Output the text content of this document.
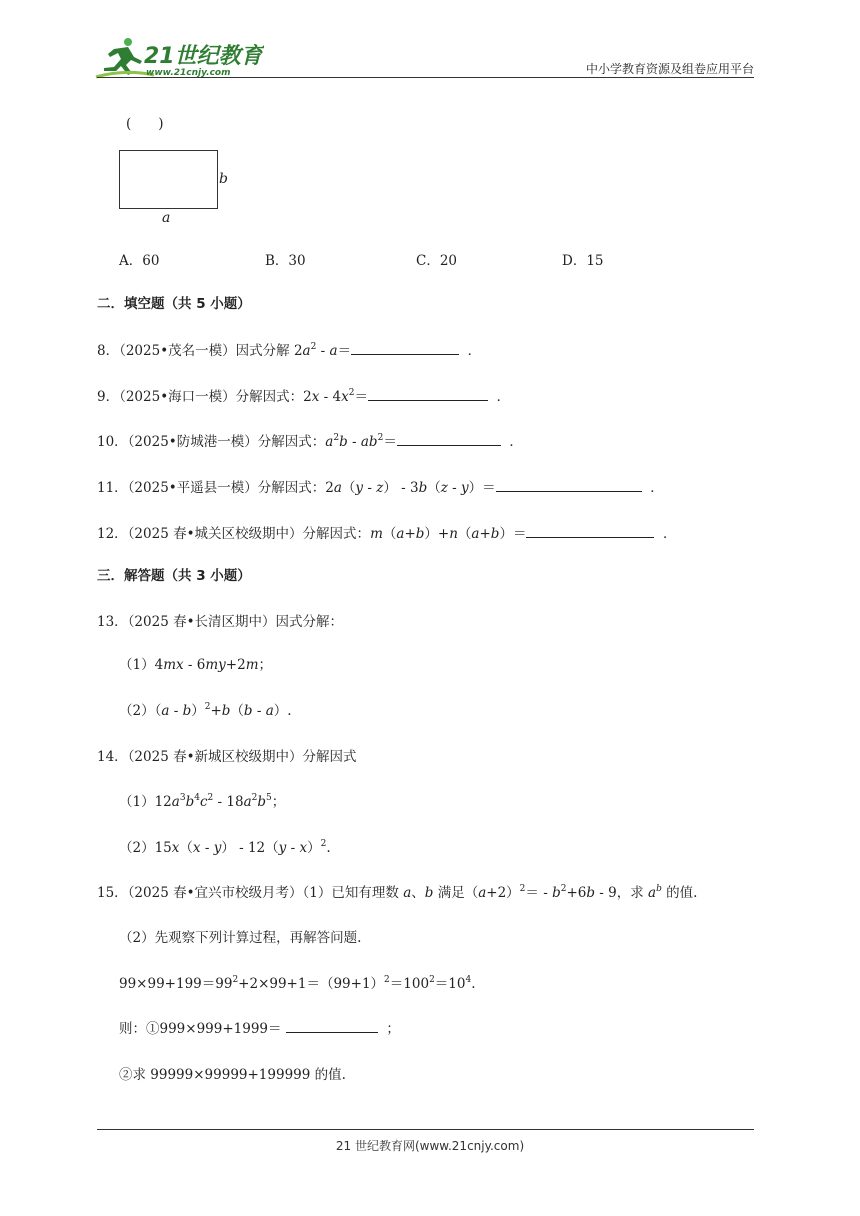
21世纪教育
www.21cnjy.com	中小学教育资源及组卷应用平台
(　　)
b
a
A．60	B．30	C．20	D．15
二．填空题（共 5 小题）
8．（2025•茂名一模）因式分解 $2a^2 - a=$	．
9．（2025•海口一模）分解因式：$2x - 4x^2=$	．
10．（2025•防城港一模）分解因式：$a^2b - ab^2=$	．
11．（2025•平遥县一模）分解因式：2a（y - z） - 3b（z - y）＝	．
12．（2025 春•城关区校级期中）分解因式：m（a+b）+n（a+b）＝	．
三．解答题（共 3 小题）
13．（2025 春•长清区期中）因式分解：
（1）4mx - 6my+2m；
（2）（a - b）$^2$+b（b - a）.
14．（2025 春•新城区校级期中）分解因式
$(1)12a^3b^4c^2 - 18a^2b^5$；
（2）15x（x - y） - 12（y - x）$^2$.
15．（2025 春•宜兴市校级月考）（1）已知有理数 a、b 满足$(a+2)^2= - b^2+6b - 9$，求 $a^b$ 的值.
（2）先观察下列计算过程，再解答问题.
$99\times 99+199=99^2+2\times 99+1=(99+1)^2=100^2=10^4$.
则：①999×999+1999＝	；
②求 99999×99999+199999 的值.
21 世纪教育网(www.21cnjy.com)
